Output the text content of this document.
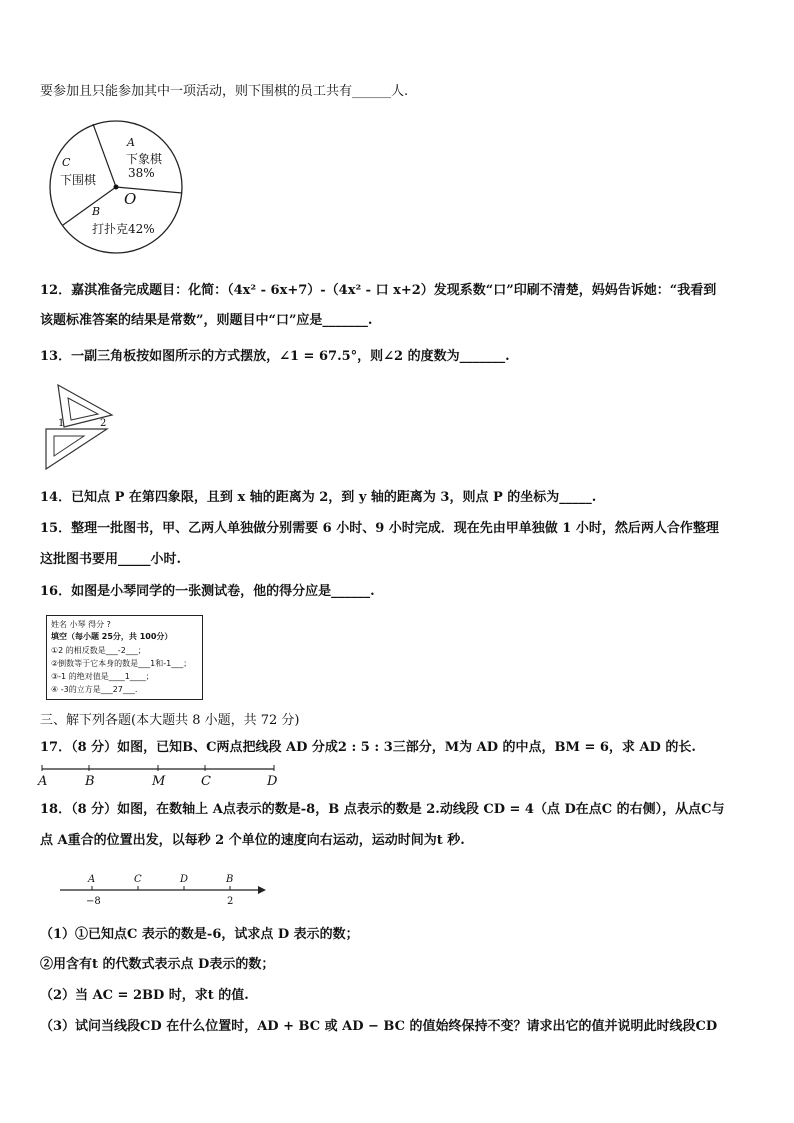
要参加且只能参加其中一项活动，则下围棋的员工共有______人.
A
下象棋
38%
C
下围棋
O
B
打扑克42%
12．嘉淇准备完成题目：化简：（4x² - 6x+7）-（4x² - 口 x+2）发现系数“口”印刷不清楚，妈妈告诉她：“我看到
该题标准答案的结果是常数”，则题目中“口”应是_______.
13．一副三角板按如图所示的方式摆放，∠1 = 67.5°，则∠2 的度数为_______.
1	2
14．已知点 P 在第四象限，且到 x 轴的距离为 2，到 y 轴的距离为 3，则点 P 的坐标为_____.
15．整理一批图书，甲、乙两人单独做分别需要 6 小时、9 小时完成．现在先由甲单独做 1 小时，然后两人合作整理
这批图书要用_____小时.
16．如图是小琴同学的一张测试卷，他的得分应是______.
姓名 小琴 得分 ?
填空（每小题 25分，共 100分）
①2 的相反数是___-2___；
②倒数等于它本身的数是___1和-1___；
③-1 的绝对值是____1____；
④ -3的立方是___27___.
三、解下列各题(本大题共 8 小题，共 72 分)
17．（8 分）如图，已知B、C两点把线段 AD 分成2 : 5 : 3三部分，M为 AD 的中点，BM = 6，求 AD 的长.
A	B	M	C	D
18．（8 分）如图，在数轴上 A点表示的数是-8，B 点表示的数是 2.动线段 CD = 4（点 D在点C 的右侧），从点C与
点 A重合的位置出发，以每秒 2 个单位的速度向右运动，运动时间为t 秒.
A	C	D	B
−8	2
（1）①已知点C 表示的数是-6，试求点 D 表示的数；
②用含有t 的代数式表示点 D表示的数；
（2）当 AC = 2BD 时，求t 的值.
（3）试问当线段CD 在什么位置时，AD + BC 或 AD − BC 的值始终保持不变？请求出它的值并说明此时线段CD
